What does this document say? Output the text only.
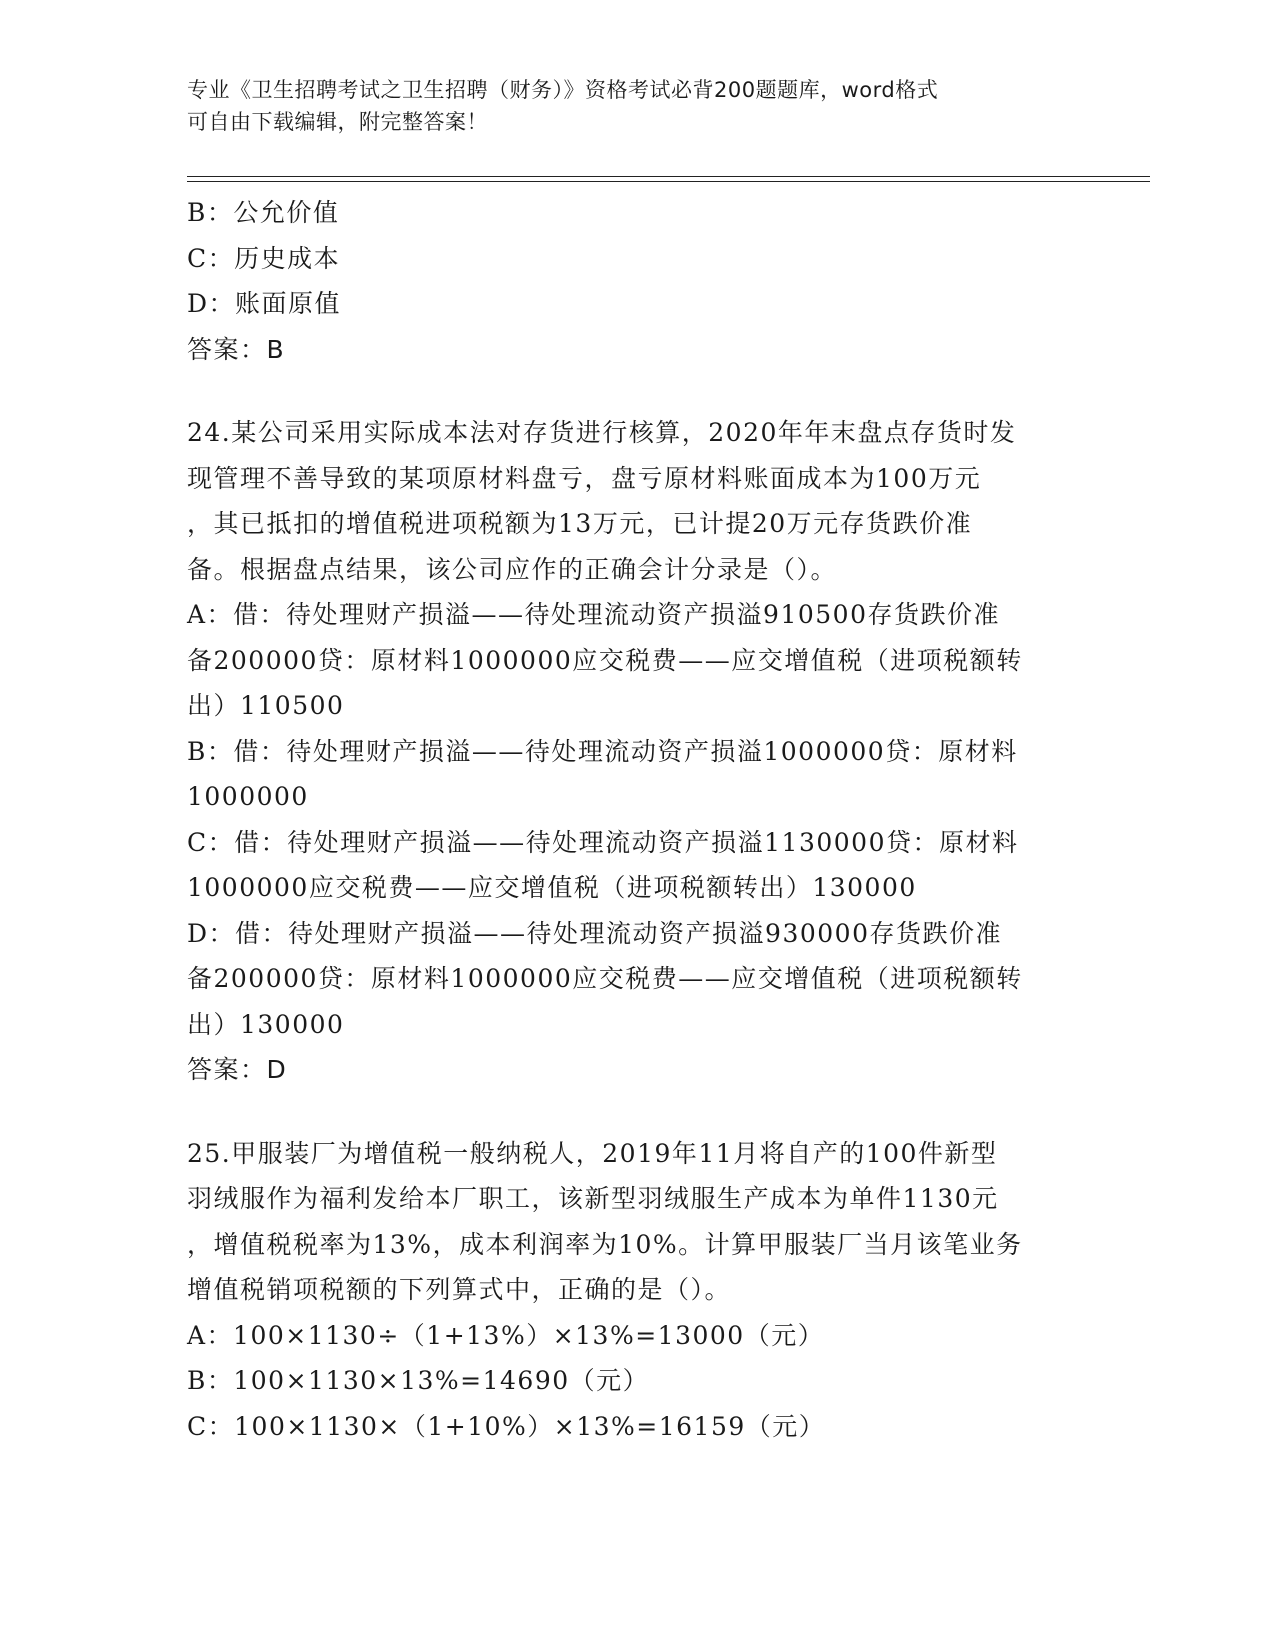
专业《卫生招聘考试之卫生招聘（财务）》资格考试必背200题题库，word格式
可自由下载编辑，附完整答案！
B：公允价值
C：历史成本
D：账面原值
答案：B
24.某公司采用实际成本法对存货进行核算，2020年年末盘点存货时发
现管理不善导致的某项原材料盘亏，盘亏原材料账面成本为100万元
，其已抵扣的增值税进项税额为13万元，已计提20万元存货跌价准
备。根据盘点结果，该公司应作的正确会计分录是（）。
A：借：待处理财产损溢——待处理流动资产损溢910500存货跌价准
备200000贷：原材料1000000应交税费——应交增值税（进项税额转
出）110500
B：借：待处理财产损溢——待处理流动资产损溢1000000贷：原材料
1000000
C：借：待处理财产损溢——待处理流动资产损溢1130000贷：原材料
1000000应交税费——应交增值税（进项税额转出）130000
D：借：待处理财产损溢——待处理流动资产损溢930000存货跌价准
备200000贷：原材料1000000应交税费——应交增值税（进项税额转
出）130000
答案：D
25.甲服装厂为增值税一般纳税人，2019年11月将自产的100件新型
羽绒服作为福利发给本厂职工，该新型羽绒服生产成本为单件1130元
，增值税税率为13%，成本利润率为10%。计算甲服装厂当月该笔业务
增值税销项税额的下列算式中，正确的是（）。
A：100×1130÷（1+13%）×13%=13000（元）
B：100×1130×13%=14690（元）
C：100×1130×（1+10%）×13%=16159（元）
